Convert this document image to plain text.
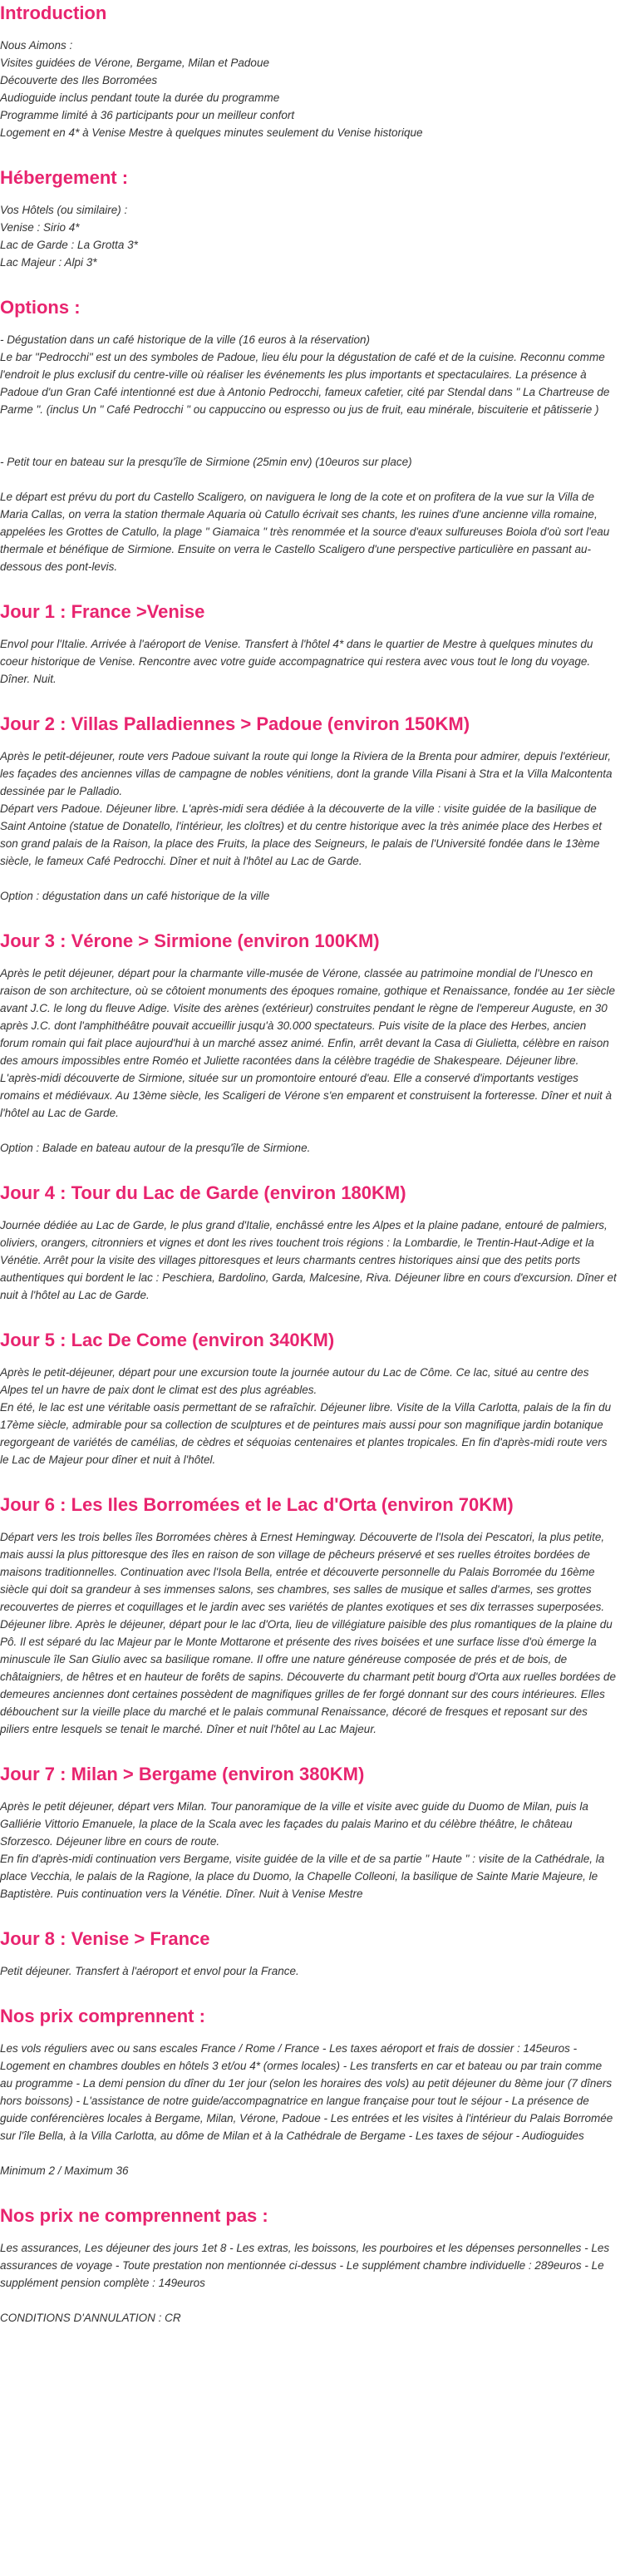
Introduction

Nous Aimons :
Visites guidées de Vérone, Bergame, Milan et Padoue
Découverte des Iles Borromées
Audioguide inclus pendant toute la durée du programme
Programme limité à 36 participants pour un meilleur confort
Logement en 4* à Venise Mestre à quelques minutes seulement du Venise historique

Hébergement :

Vos Hôtels (ou similaire) :
Venise : Sirio 4*
Lac de Garde : La Grotta 3*
Lac Majeur : Alpi 3*

Options :

- Dégustation dans un café historique de la ville (16 euros à la réservation)

Le bar "Pedrocchi" est un des symboles de Padoue, lieu élu pour la dégustation de café et de la cuisine. Reconnu comme l'endroit le plus exclusif du centre-ville où réaliser les événements les plus importants et spectaculaires. La présence à Padoue d'un Gran Café intentionné est due à Antonio Pedrocchi, fameux cafetier, cité par Stendal dans " La Chartreuse de Parme ". (inclus Un " Café Pedrocchi " ou cappuccino ou espresso ou jus de fruit, eau minérale, biscuiterie et pâtisserie )

- Petit tour en bateau sur la presqu'île de Sirmione (25min env) (10euros sur place)

Le départ est prévu du port du Castello Scaligero, on naviguera le long de la cote et on profitera de la vue sur la Villa de Maria Callas, on verra la station thermale Aquaria où Catullo écrivait ses chants, les ruines d'une ancienne villa romaine, appelées les Grottes de Catullo, la plage " Giamaica " très renommée et la source d'eaux sulfureuses Boiola d'où sort l'eau thermale et bénéfique de Sirmione. Ensuite on verra le Castello Scaligero d'une perspective particulière en passant au-dessous des pont-levis.

Jour 1 : France >Venise

Envol pour l'Italie. Arrivée à l'aéroport de Venise. Transfert à l'hôtel 4* dans le quartier de Mestre à quelques minutes du coeur historique de Venise. Rencontre avec votre guide accompagnatrice qui restera avec vous tout le long du voyage. Dîner. Nuit.

Jour 2 : Villas Palladiennes > Padoue (environ 150KM)

Après le petit-déjeuner, route vers Padoue suivant la route qui longe la Riviera de la Brenta pour admirer, depuis l'extérieur, les façades des anciennes villas de campagne de nobles vénitiens, dont la grande Villa Pisani à Stra et la Villa Malcontenta dessinée par le Palladio.
Départ vers Padoue. Déjeuner libre. L'après-midi sera dédiée à la découverte de la ville : visite guidée de la basilique de Saint Antoine (statue de Donatello, l'intérieur, les cloîtres) et du centre historique avec la très animée place des Herbes et son grand palais de la Raison, la place des Fruits, la place des Seigneurs, le palais de l'Université fondée dans le 13ème siècle, le fameux Café Pedrocchi. Dîner et nuit à l'hôtel au Lac de Garde.

Option : dégustation dans un café historique de la ville

Jour 3 : Vérone > Sirmione (environ 100KM)

Après le petit déjeuner, départ pour la charmante ville-musée de Vérone, classée au patrimoine mondial de l'Unesco en raison de son architecture, où se côtoient monuments des époques romaine, gothique et Renaissance, fondée au 1er siècle avant J.C. le long du fleuve Adige. Visite des arènes (extérieur) construites pendant le règne de l'empereur Auguste, en 30 après J.C. dont l'amphithéâtre pouvait accueillir jusqu'à 30.000 spectateurs. Puis visite de la place des Herbes, ancien forum romain qui fait place aujourd'hui à un marché assez animé. Enfin, arrêt devant la Casa di Giulietta, célèbre en raison des amours impossibles entre Roméo et Juliette racontées dans la célèbre tragédie de Shakespeare. Déjeuner libre. L'après-midi découverte de Sirmione, située sur un promontoire entouré d'eau. Elle a conservé d'importants vestiges romains et médiévaux. Au 13ème siècle, les Scaligeri de Vérone s'en emparent et construisent la forteresse. Dîner et nuit à l'hôtel au Lac de Garde.

Option : Balade en bateau autour de la presqu'île de Sirmione.

Jour 4 : Tour du Lac de Garde (environ 180KM)

Journée dédiée au Lac de Garde, le plus grand d'Italie, enchâssé entre les Alpes et la plaine padane, entouré de palmiers, oliviers, orangers, citronniers et vignes et dont les rives touchent trois régions : la Lombardie, le Trentin-Haut-Adige et la Vénétie. Arrêt pour la visite des villages pittoresques et leurs charmants centres historiques ainsi que des petits ports authentiques qui bordent le lac : Peschiera, Bardolino, Garda, Malcesine, Riva. Déjeuner libre en cours d'excursion. Dîner et nuit à l'hôtel au Lac de Garde.

Jour 5 : Lac De Come (environ 340KM)

Après le petit-déjeuner, départ pour une excursion toute la journée autour du Lac de Côme. Ce lac, situé au centre des Alpes tel un havre de paix dont le climat est des plus agréables.
En été, le lac est une véritable oasis permettant de se rafraîchir. Déjeuner libre. Visite de la Villa Carlotta, palais de la fin du 17ème siècle, admirable pour sa collection de sculptures et de peintures mais aussi pour son magnifique jardin botanique regorgeant de variétés de camélias, de cèdres et séquoias centenaires et plantes tropicales. En fin d'après-midi route vers le Lac de Majeur pour dîner et nuit à l'hôtel.

Jour 6 : Les Iles Borromées et le Lac d'Orta (environ 70KM)

Départ vers les trois belles îles Borromées chères à Ernest Hemingway. Découverte de l'Isola dei Pescatori, la plus petite, mais aussi la plus pittoresque des îles en raison de son village de pêcheurs préservé et ses ruelles étroites bordées de maisons traditionnelles. Continuation avec l'Isola Bella, entrée et découverte personnelle du Palais Borromée du 16ème siècle qui doit sa grandeur à ses immenses salons, ses chambres, ses salles de musique et salles d'armes, ses grottes recouvertes de pierres et coquillages et le jardin avec ses variétés de plantes exotiques et ses dix terrasses superposées. Déjeuner libre. Après le déjeuner, départ pour le lac d'Orta, lieu de villégiature paisible des plus romantiques de la plaine du Pô. Il est séparé du lac Majeur par le Monte Mottarone et présente des rives boisées et une surface lisse d'où émerge la minuscule île San Giulio avec sa basilique romane. Il offre une nature généreuse composée de prés et de bois, de châtaigniers, de hêtres et en hauteur de forêts de sapins. Découverte du charmant petit bourg d'Orta aux ruelles bordées de demeures anciennes dont certaines possèdent de magnifiques grilles de fer forgé donnant sur des cours intérieures. Elles débouchent sur la vieille place du marché et le palais communal Renaissance, décoré de fresques et reposant sur des piliers entre lesquels se tenait le marché. Dîner et nuit l'hôtel au Lac Majeur.

Jour 7 : Milan > Bergame (environ 380KM)

Après le petit déjeuner, départ vers Milan. Tour panoramique de la ville et visite avec guide du Duomo de Milan, puis la Galliérie Vittorio Emanuele, la place de la Scala avec les façades du palais Marino et du célèbre théâtre, le château Sforzesco. Déjeuner libre en cours de route.
En fin d'après-midi continuation vers Bergame, visite guidée de la ville et de sa partie " Haute " : visite de la Cathédrale, la place Vecchia, le palais de la Ragione, la place du Duomo, la Chapelle Colleoni, la basilique de Sainte Marie Majeure, le Baptistère. Puis continuation vers la Vénétie. Dîner. Nuit à Venise Mestre

Jour 8 : Venise > France

Petit déjeuner. Transfert à l'aéroport et envol pour la France.

Nos prix comprennent :

Les vols réguliers avec ou sans escales France / Rome / France - Les taxes aéroport et frais de dossier : 145euros - Logement en chambres doubles en hôtels 3 et/ou 4* (ormes locales) - Les transferts en car et bateau ou par train comme au programme - La demi pension du dîner du 1er jour (selon les horaires des vols) au petit déjeuner du 8ème jour (7 dîners hors boissons) - L'assistance de notre guide/accompagnatrice en langue française pour tout le séjour - La présence de guide conférencières locales à Bergame, Milan, Vérone, Padoue - Les entrées et les visites à l'intérieur du Palais Borromée sur l'île Bella, à la Villa Carlotta, au dôme de Milan et à la Cathédrale de Bergame - Les taxes de séjour - Audioguides

Minimum 2 / Maximum 36

Nos prix ne comprennent pas :

Les assurances, Les déjeuner des jours 1et 8 - Les extras, les boissons, les pourboires et les dépenses personnelles - Les assurances de voyage - Toute prestation non mentionnée ci-dessus - Le supplément chambre individuelle : 289euros - Le supplément pension complète : 149euros

CONDITIONS D'ANNULATION : CR
